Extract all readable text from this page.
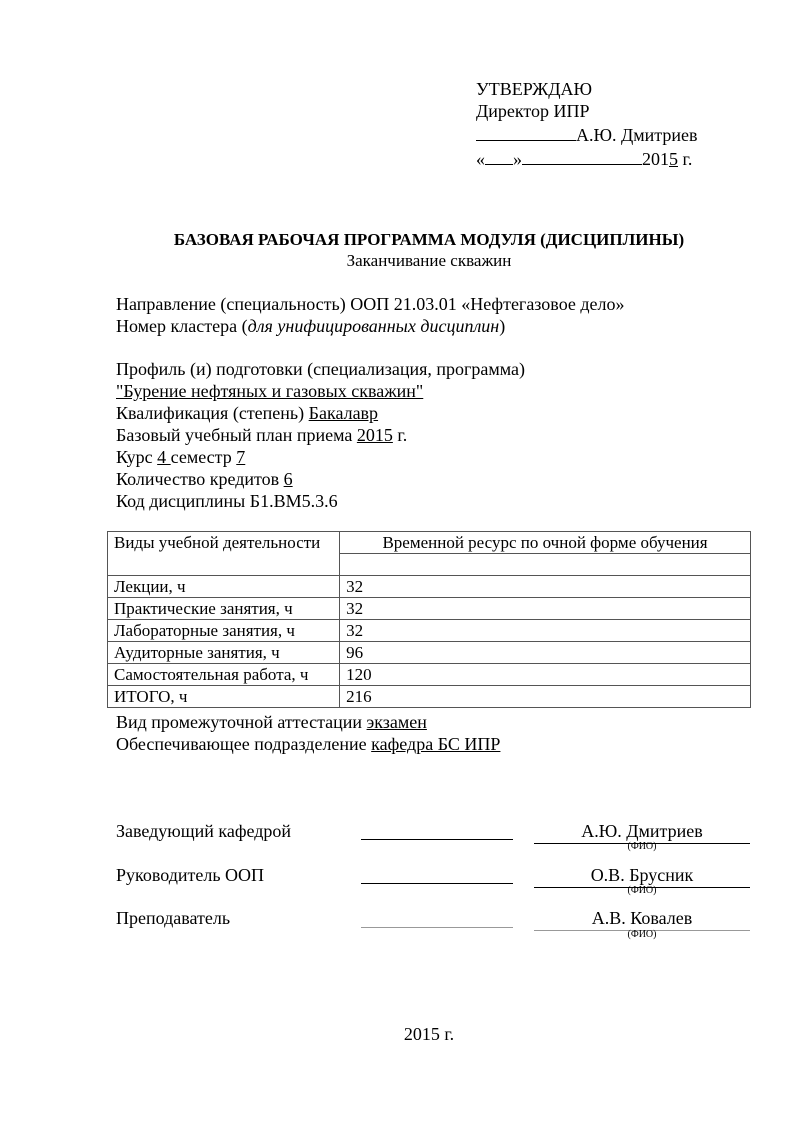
УТВЕРЖДАЮ
Директор ИПР
А.Ю. Дмитриев
« »	2015 г.
БАЗОВАЯ РАБОЧАЯ ПРОГРАММА МОДУЛЯ (ДИСЦИПЛИНЫ)
Заканчивание скважин
Направление (специальность) ООП 21.03.01 «Нефтегазовое дело»
Номер кластера (для унифицированных дисциплин)
Профиль (и) подготовки (специализация, программа)
"Бурение нефтяных и газовых скважин"
Квалификация (степень) Бакалавр
Базовый учебный план приема 2015 г.
Курс 4 семестр 7
Количество кредитов 6
Код дисциплины Б1.ВМ5.3.6
Виды учебной деятельности	Временной ресурс по очной форме обучения

Лекции, ч	32
Практические занятия, ч	32
Лабораторные занятия, ч	32
Аудиторные занятия, ч	96
Самостоятельная работа, ч	120
ИТОГО, ч	216
Вид промежуточной аттестации экзамен
Обеспечивающее подразделение кафедра БС ИПР
Заведующий кафедрой	А.Ю. Дмитриев
(ФИО)
Руководитель ООП	О.В. Брусник
(ФИО)
Преподаватель	А.В. Ковалев
(ФИО)
2015 г.
